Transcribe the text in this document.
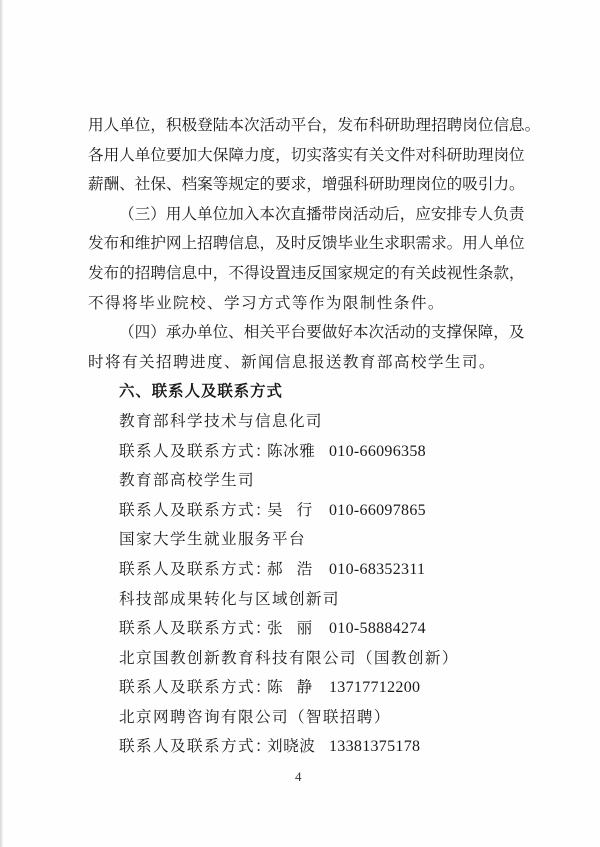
用人单位，积极登陆本次活动平台，发布科研助理招聘岗位信息。
各用人单位要加大保障力度，切实落实有关文件对科研助理岗位
薪酬、社保、档案等规定的要求，增强科研助理岗位的吸引力。
（三）用人单位加入本次直播带岗活动后，应安排专人负责
发布和维护网上招聘信息，及时反馈毕业生求职需求。用人单位
发布的招聘信息中，不得设置违反国家规定的有关歧视性条款，
不得将毕业院校、学习方式等作为限制性条件。
（四）承办单位、相关平台要做好本次活动的支撑保障，及
时将有关招聘进度、新闻信息报送教育部高校学生司。
六、联系人及联系方式
教育部科学技术与信息化司
联系人及联系方式：
陈冰雅 010-66096358
教育部高校学生司
联系人及联系方式：
吴行 010-66097865
国家大学生就业服务平台
联系人及联系方式：
郝浩 010-68352311
科技部成果转化与区域创新司
联系人及联系方式：
张丽 010-58884274
北京国教创新教育科技有限公司（国教创新）
联系人及联系方式：
陈静 13717712200
北京网聘咨询有限公司（智联招聘）
联系人及联系方式：
刘晓波 13381375178
4
